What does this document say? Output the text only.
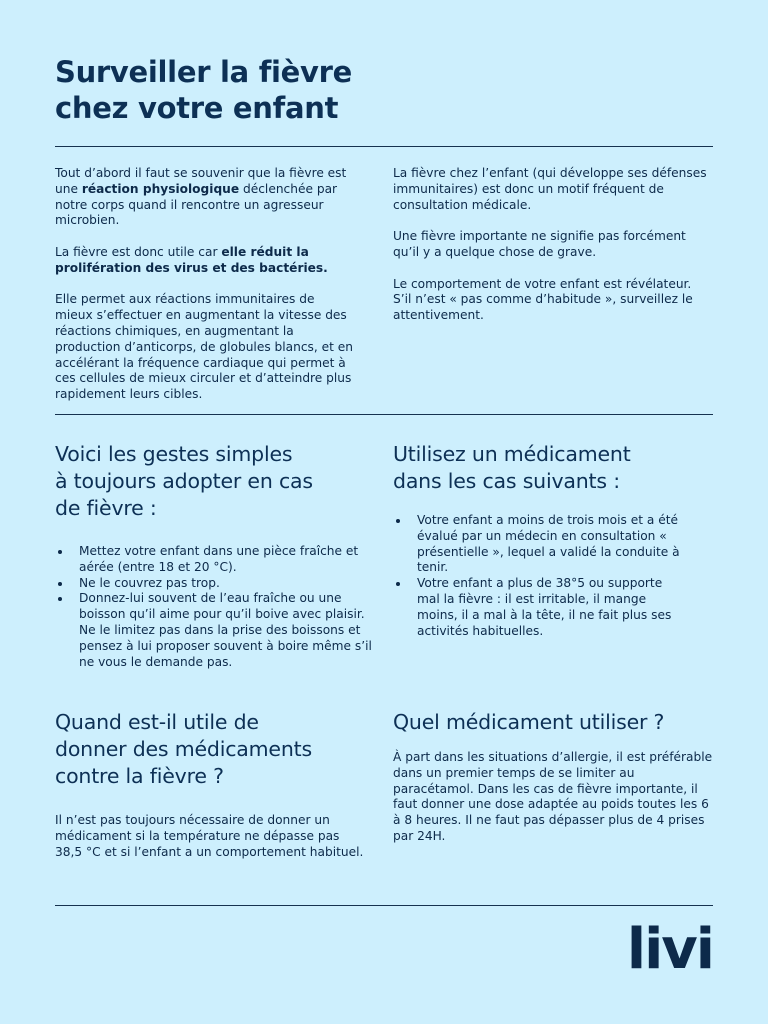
Surveiller la fièvre
chez votre enfant

Tout d’abord il faut se souvenir que la fièvre est une réaction physiologique déclenchée par notre corps quand il rencontre un agresseur microbien.

La fièvre est donc utile car elle réduit la prolifération des virus et des bactéries.

Elle permet aux réactions immunitaires de mieux s’effectuer en augmentant la vitesse des réactions chimiques, en augmentant la production d’anticorps, de globules blancs, et en accélérant la fréquence cardiaque qui permet à ces cellules de mieux circuler et d’atteindre plus rapidement leurs cibles.

La fièvre chez l’enfant (qui développe ses défenses immunitaires) est donc un motif fréquent de consultation médicale.

Une fièvre importante ne signifie pas forcément qu’il y a quelque chose de grave.

Le comportement de votre enfant est révélateur. S’il n’est « pas comme d’habitude », surveillez le attentivement.

Voici les gestes simples
à toujours adopter en cas
de fièvre :
Mettez votre enfant dans une pièce fraîche et aérée (entre 18 et 20 °C).
Ne le couvrez pas trop.
Donnez-lui souvent de l’eau fraîche ou une boisson qu’il aime pour qu’il boive avec plaisir. Ne le limitez pas dans la prise des boissons et pensez à lui proposer souvent à boire même s’il ne vous le demande pas.
Utilisez un médicament
dans les cas suivants :
Votre enfant a moins de trois mois et a été évalué par un médecin en consultation « présentielle », lequel a validé la conduite à tenir.
Votre enfant a plus de 38°5 ou supporte mal la fièvre : il est irritable, il mange moins, il a mal à la tête, il ne fait plus ses activités habituelles.
Quand est-il utile de
donner des médicaments
contre la fièvre ?

Il n’est pas toujours nécessaire de donner un médicament si la température ne dépasse pas 38,5 °C et si l’enfant a un comportement habituel.

Quel médicament utiliser ?

À part dans les situations d’allergie, il est préférable dans un premier temps de se limiter au paracétamol. Dans les cas de fièvre importante, il faut donner une dose adaptée au poids toutes les 6 à 8 heures. Il ne faut pas dépasser plus de 4 prises par 24H.

livi
